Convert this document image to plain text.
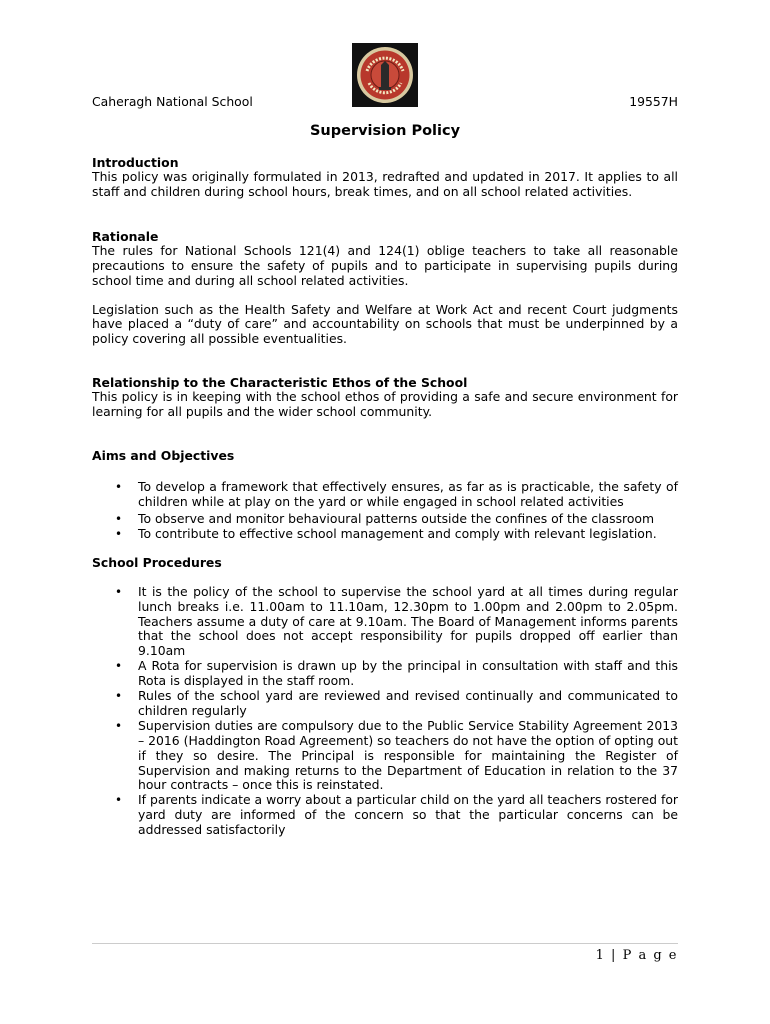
Caheragh National School	19557H
Supervision Policy
Introduction

This policy was originally formulated in 2013, redrafted and updated in 2017. It applies to all staff and children during school hours, break times, and on all school related activities.

Rationale

The rules for National Schools 121(4) and 124(1) oblige teachers to take all reasonable precautions to ensure the safety of pupils and to participate in supervising pupils during school time and during all school related activities.

Legislation such as the Health Safety and Welfare at Work Act and recent Court judgments have placed a “duty of care” and accountability on schools that must be underpinned by a policy covering all possible eventualities.

Relationship to the Characteristic Ethos of the School

This policy is in keeping with the school ethos of providing a safe and secure environment for learning for all pupils and the wider school community.

Aims and Objectives
• To develop a framework that effectively ensures, as far as is practicable, the safety of children while at play on the yard or while engaged in school related activities
• To observe and monitor behavioural patterns outside the confines of the classroom
• To contribute to effective school management and comply with relevant legislation.
School Procedures
• It is the policy of the school to supervise the school yard at all times during regular lunch breaks i.e. 11.00am to 11.10am, 12.30pm to 1.00pm and 2.00pm to 2.05pm. Teachers assume a duty of care at 9.10am. The Board of Management informs parents that the school does not accept responsibility for pupils dropped off earlier than 9.10am
• A Rota for supervision is drawn up by the principal in consultation with staff and this Rota is displayed in the staff room.
• Rules of the school yard are reviewed and revised continually and communicated to children regularly
• Supervision duties are compulsory due to the Public Service Stability Agreement 2013 – 2016 (Haddington Road Agreement) so teachers do not have the option of opting out if they so desire. The Principal is responsible for maintaining the Register of Supervision and making returns to the Department of Education in relation to the 37 hour contracts – once this is reinstated.
• If parents indicate a worry about a particular child on the yard all teachers rostered for yard duty are informed of the concern so that the particular concerns can be addressed satisfactorily
1 | P a g e
